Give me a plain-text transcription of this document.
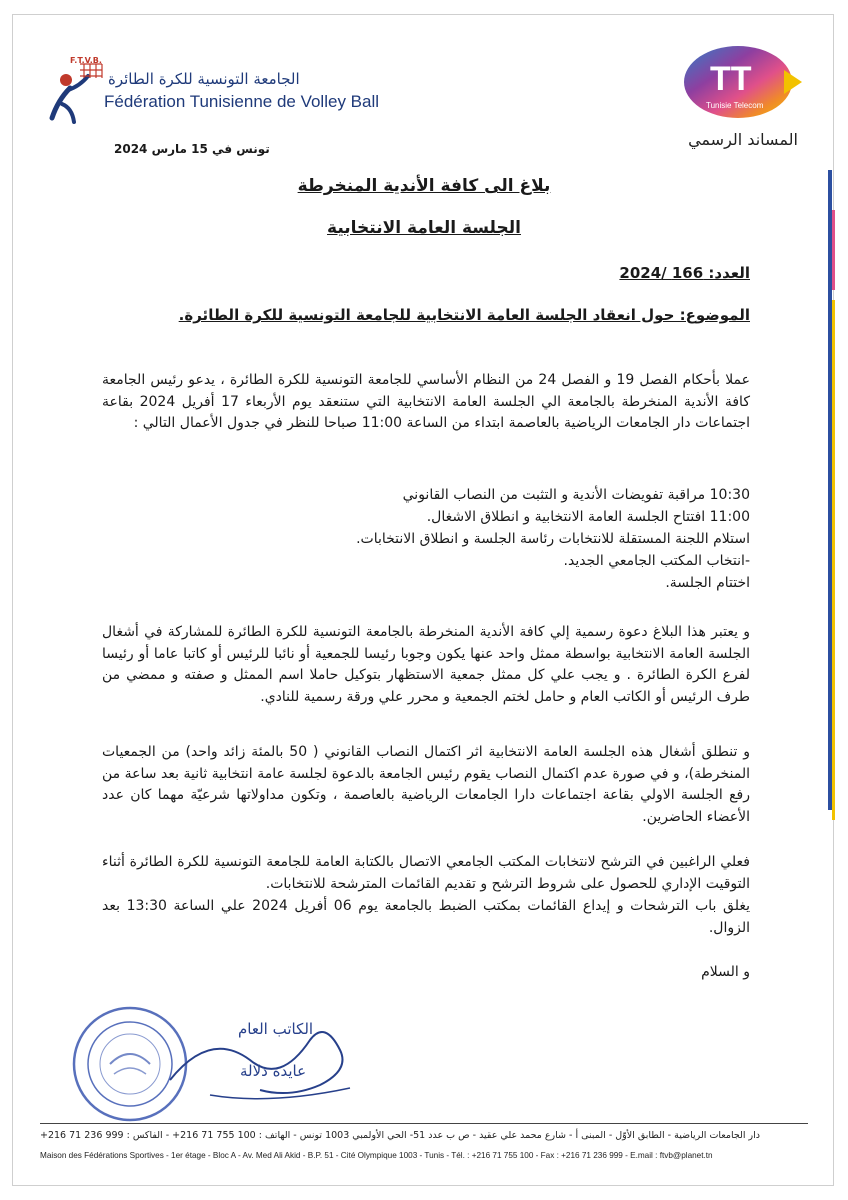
F.T.V.B.
الجامعة التونسية للكرة الطائرة
Fédération Tunisienne de Volley Ball
TT
Tunisie Telecom
المساند الرسمي
تونس في 15 مارس 2024
بلاغ الى كافة الأندية المنخرطة
الجلسة العامة الانتخابية
العدد: 166 /2024
الموضوع: حول انعقاد الجلسة العامة الانتخابية للجامعة التونسية للكرة الطائرة.

عملا بأحكام الفصل 19 و الفصل 24 من النظام الأساسي للجامعة التونسية للكرة الطائرة ، يدعو رئيس الجامعة كافة الأندية المنخرطة بالجامعة الي الجلسة العامة الانتخابية التي ستنعقد يوم الأربعاء 17 أفريل 2024 بقاعة اجتماعات دار الجامعات الرياضية بالعاصمة ابتداء من الساعة 11:00 صباحا للنظر في جدول الأعمال التالي :

10:30 مراقبة تفويضات الأندية و التثبت من النصاب القانوني
11:00 افتتاح الجلسة العامة الانتخابية و انطلاق الاشغال.
استلام اللجنة المستقلة للانتخابات رئاسة الجلسة و انطلاق الانتخابات.
-انتخاب المكتب الجامعي الجديد.
اختتام الجلسة.

و يعتبر هذا البلاغ دعوة رسمية إلي كافة الأندية المنخرطة بالجامعة التونسية للكرة الطائرة للمشاركة في أشغال الجلسة العامة الانتخابية بواسطة ممثل واحد عنها يكون وجوبا رئيسا للجمعية أو نائبا للرئيس أو كاتبا عاما أو رئيسا لفرع الكرة الطائرة . و يجب علي كل ممثل جمعية الاستظهار بتوكيل حاملا اسم الممثل و صفته و ممضي من طرف الرئيس أو الكاتب العام و حامل لختم الجمعية و محرر علي ورقة رسمية للنادي.

و تنطلق أشغال هذه الجلسة العامة الانتخابية اثر اكتمال النصاب القانوني ( 50 بالمئة زائد واحد) من الجمعيات المنخرطة)، و في صورة عدم اكتمال النصاب يقوم رئيس الجامعة بالدعوة لجلسة عامة انتخابية ثانية بعد ساعة من رفع الجلسة الاولي بقاعة اجتماعات دارا الجامعات الرياضية بالعاصمة ، وتكون مداولاتها شرعيّة مهما كان عدد الأعضاء الحاضرين.

فعلي الراغبين في الترشح لانتخابات المكتب الجامعي الاتصال بالكتابة العامة للجامعة التونسية للكرة الطائرة أثناء التوقيت الإداري للحصول على شروط الترشح و تقديم القائمات المترشحة للانتخابات.

يغلق باب الترشحات و إيداع القائمات بمكتب الضبط بالجامعة يوم 06 أفريل 2024 علي الساعة 13:30 بعد الزوال.

و السلام
الكاتب العام
عايدة دلالة
دار الجامعات الرياضية - الطابق الأوّل - المبنى أ - شارع محمد علي عقيد - ص ب عدد 51- الحي الأولمبي 1003 تونس - الهاتف : 100 755 71 216+ - الفاكس : 999 236 71 216+
Maison des Fédérations Sportives - 1er étage - Bloc A - Av. Med Ali Akid - B.P. 51 - Cité Olympique 1003 - Tunis - Tél. : +216 71 755 100 - Fax : +216 71 236 999 - E.mail : ftvb@planet.tn
